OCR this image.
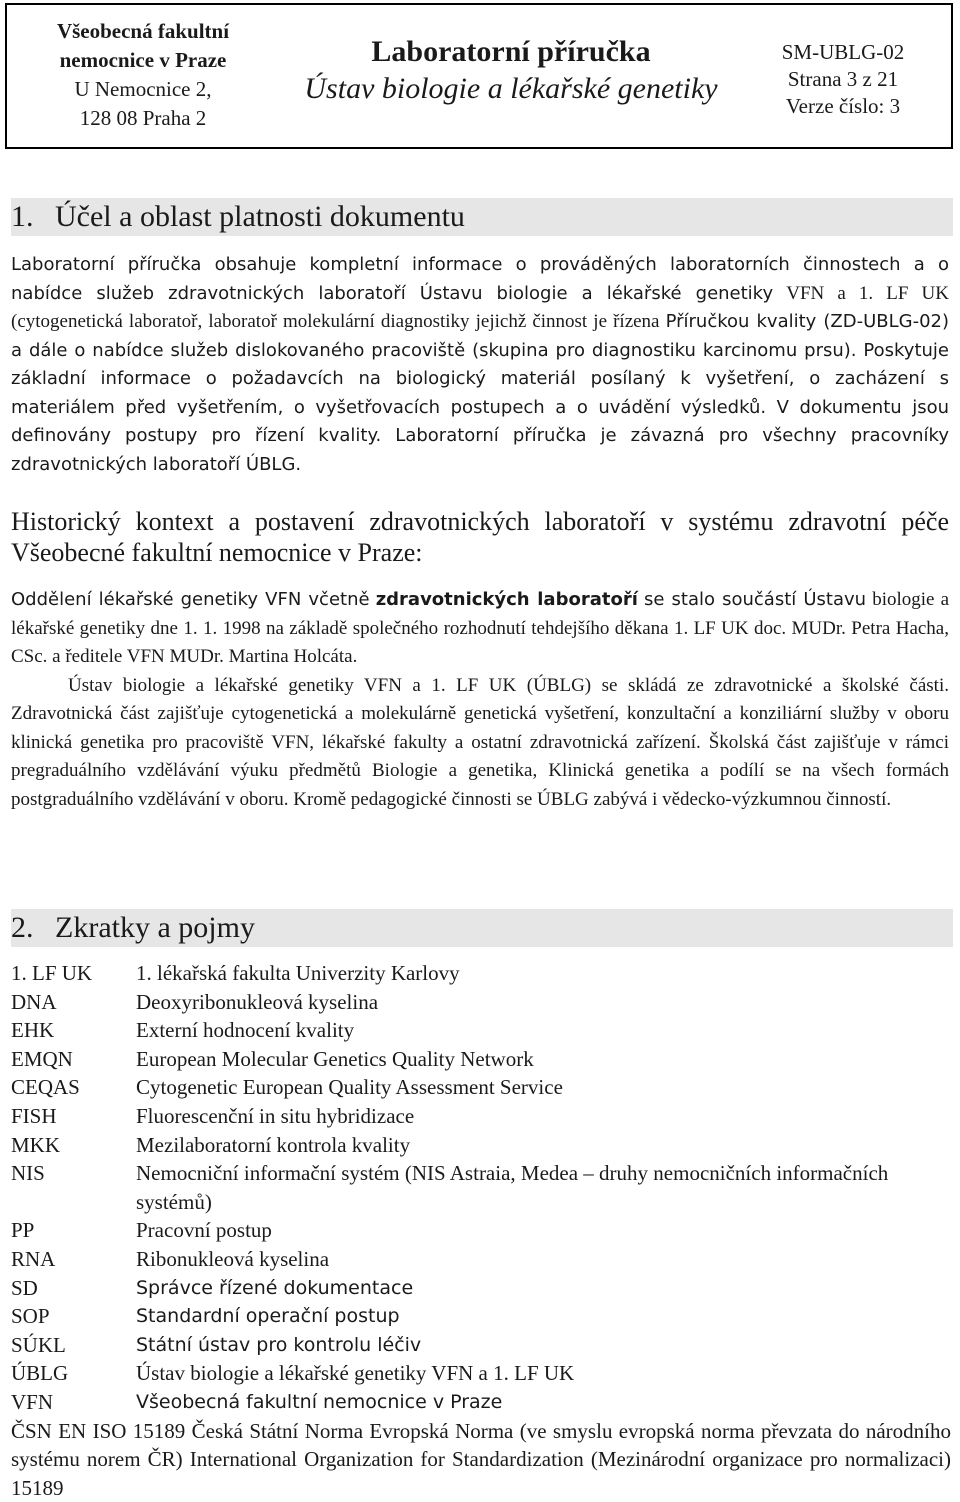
Všeobecná fakultní
nemocnice v Praze
U Nemocnice 2,
128 08 Praha 2
Laboratorní příručka
Ústav biologie a lékařské genetiky
SM-UBLG-02
Strana 3 z 21
Verze číslo: 3
1. Účel a oblast platnosti dokumentu
Laboratorní příručka obsahuje kompletní informace o prováděných laboratorních činnostech a o nabídce služeb zdravotnických laboratoří Ústavu biologie a lékařské genetiky VFN a 1. LF UK (cytogenetická laboratoř, laboratoř molekulární diagnostiky jejichž činnost je řízena Příručkou kvality (ZD-UBLG-02) a dále o nabídce služeb dislokovaného pracoviště (skupina pro diagnostiku karcinomu prsu). Poskytuje základní informace o požadavcích na biologický materiál posílaný k vyšetření, o zacházení s materiálem před vyšetřením, o vyšetřovacích postupech a o uvádění výsledků. V dokumentu jsou definovány postupy pro řízení kvality. Laboratorní příručka je závazná pro všechny pracovníky zdravotnických laboratoří ÚBLG.
Historický kontext a postavení zdravotnických laboratoří v systému zdravotní péče Všeobecné fakultní nemocnice v Praze:
Oddělení lékařské genetiky VFN včetně zdravotnických laboratoří se stalo součástí Ústavu biologie a lékařské genetiky dne 1. 1. 1998 na základě společného rozhodnutí tehdejšího děkana 1. LF UK doc. MUDr. Petra Hacha, CSc. a ředitele VFN MUDr. Martina Holcáta.
Ústav biologie a lékařské genetiky VFN a 1. LF UK (ÚBLG) se skládá ze zdravotnické a školské části. Zdravotnická část zajišťuje cytogenetická a molekulárně genetická vyšetření, konzultační a konziliární služby v oboru klinická genetika pro pracoviště VFN, lékařské fakulty a ostatní zdravotnická zařízení. Školská část zajišťuje v rámci pregraduálního vzdělávání výuku předmětů Biologie a genetika, Klinická genetika a podílí se na všech formách postgraduálního vzdělávání v oboru. Kromě pedagogické činnosti se ÚBLG zabývá i vědecko-výzkumnou činností.
2. Zkratky a pojmy
1. LF UK	1. lékařská fakulta Univerzity Karlovy
DNA	Deoxyribonukleová kyselina
EHK	Externí hodnocení kvality
EMQN	European Molecular Genetics Quality Network
CEQAS	Cytogenetic European Quality Assessment Service
FISH	Fluorescenční in situ hybridizace
MKK	Mezilaboratorní kontrola kvality
NIS	Nemocniční informační systém (NIS Astraia, Medea – druhy nemocničních informačních systémů)
PP	Pracovní postup
RNA	Ribonukleová kyselina
SD	Správce řízené dokumentace
SOP	Standardní operační postup
SÚKL	Státní ústav pro kontrolu léčiv
ÚBLG	Ústav biologie a lékařské genetiky VFN a 1. LF UK
VFN	Všeobecná fakultní nemocnice v Praze
ČSN EN ISO 15189 Česká Státní Norma Evropská Norma (ve smyslu evropská norma převzata do národního systému norem ČR) International Organization for Standardization (Mezinárodní organizace pro normalizaci) 15189
